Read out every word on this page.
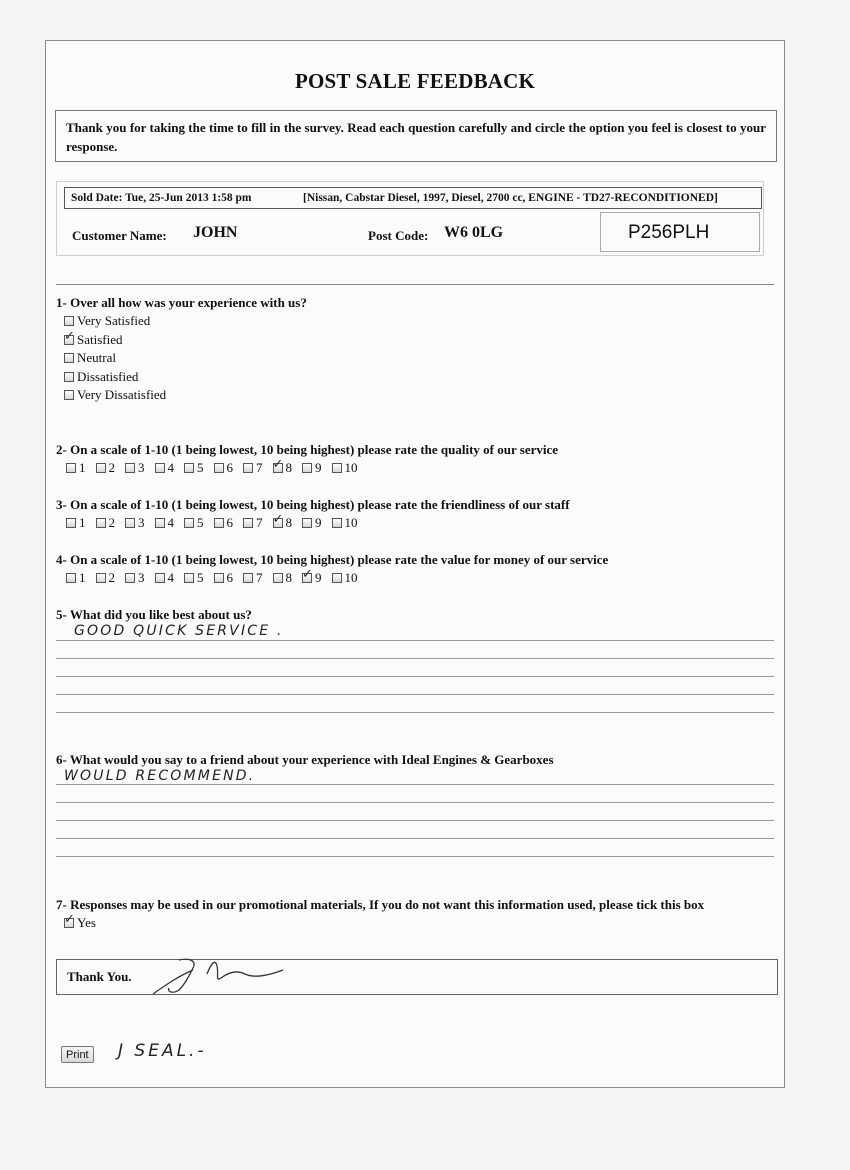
POST SALE FEEDBACK
Thank you for taking the time to fill in the survey. Read each question carefully and circle the option you feel is closest to your response.
Sold Date: Tue, 25-Jun 2013 1:58 pm	[Nissan, Cabstar Diesel, 1997, Diesel, 2700 cc, ENGINE - TD27-RECONDITIONED]
Customer Name: JOHN	Post Code: W6 0LG	P256PLH
1- Over all how was your experience with us?
Very Satisfied
✓
Satisfied
Neutral
Dissatisfied
Very Dissatisfied
2- On a scale of 1-10 (1 being lowest, 10 being highest) please rate the quality of our service
1 2 3 4 5 6 7 ✓ 8 9 10
3- On a scale of 1-10 (1 being lowest, 10 being highest) please rate the friendliness of our staff
1 2 3 4 5 6 7 ✓ 8 9 10
4- On a scale of 1-10 (1 being lowest, 10 being highest) please rate the value for money of our service
1 2 3 4 5 6 7 8 ✓ 9 10
5- What did you like best about us?
GOOD QUICK SERVICE .
6- What would you say to a friend about your experience with Ideal Engines & Gearboxes
WOULD RECOMMEND.
7- Responses may be used in our promotional materials, If you do not want this information used, please tick this box
✓
Yes
Thank You.
Print J SEAL.-
